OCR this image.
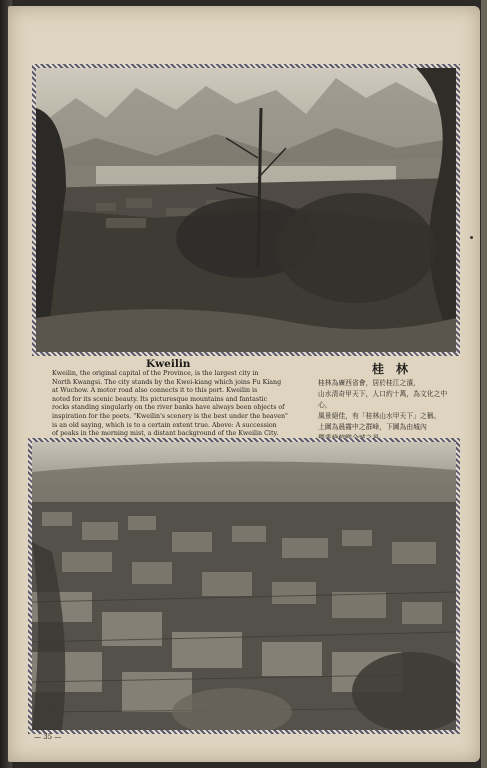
Kweilin
Kweilin, the original capital of the Province, is the largest city in
North Kwangsi. The city stands by the Kwei-kiang which joins Fu Kiang
at Wuchow. A motor road also connects it to this port. Kweilin is
noted for its scenic beauty. Its picturesque mountains and fantastic
rocks standing singularly on the river banks have always been objects of
inspiration for the poets. "Kweilin's scenery is the best under the heaven"
is an old saying, which is to a certain extent true. Above: A succession
of peaks in the morning mist, a distant background of the Kweilin City.
桂林
桂林為廣西省會，居於桂江之濱，
山水清奇甲天下，人口約十萬，為文化之中心，
風景絕佳，有「桂林山水甲天下」之稱。
上圖為晨霧中之群峰，下圖為由城內
— 35 —
